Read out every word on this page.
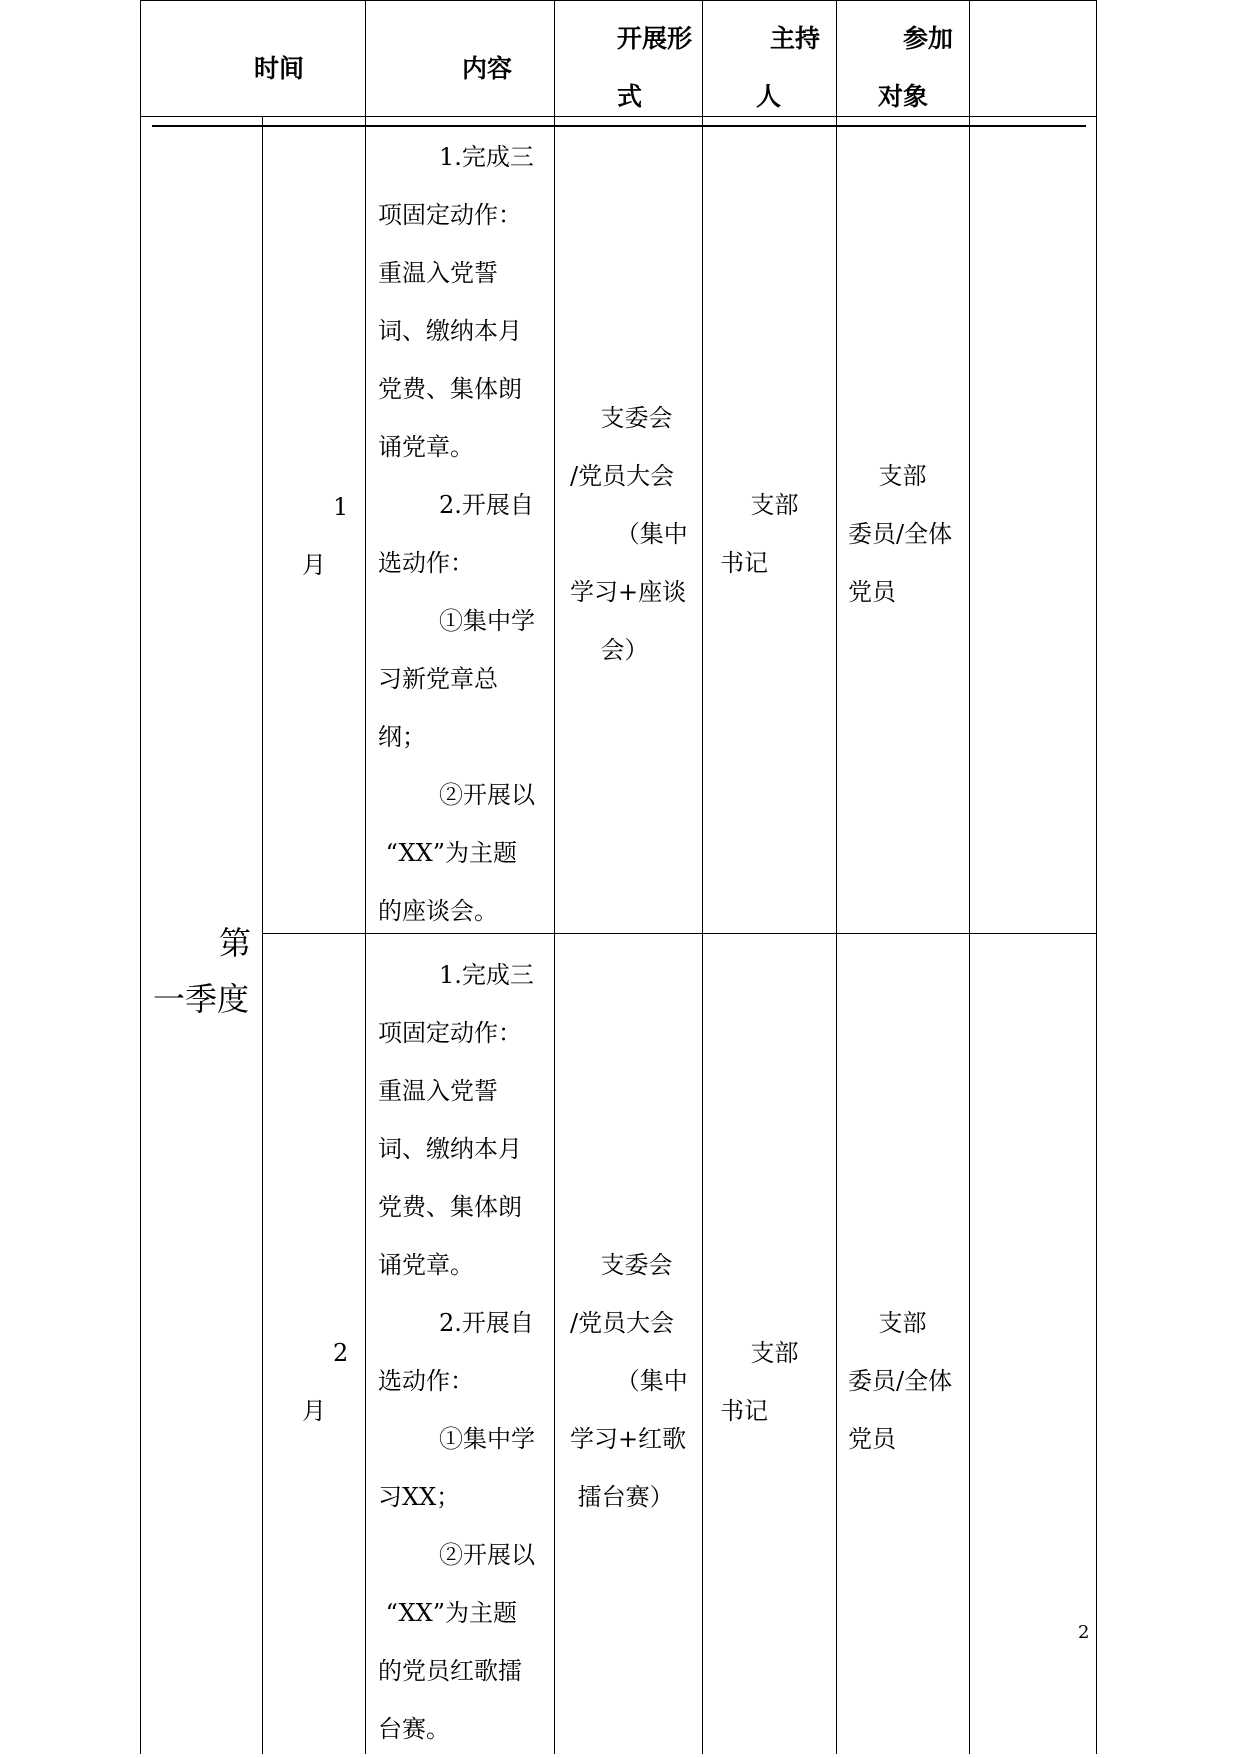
时间	内容
开展形
式
主持
人
参加
对象
第
一季度
1
月
1.完成三
项固定动作：
重温入党誓
词、缴纳本月
党费、集体朗
诵党章。
2.开展自
选动作：
①集中学
习新党章总
纲；
②开展以
“XX”为主题
的座谈会。
支委会
/党员大会
（集中
学习+座谈
会）
支部
书记
支部
委员/全体
党员
2
月
1.完成三
项固定动作：
重温入党誓
词、缴纳本月
党费、集体朗
诵党章。
2.开展自
选动作：
①集中学
习XX；
②开展以
“XX”为主题
的党员红歌擂
台赛。
支委会
/党员大会
（集中
学习+红歌
擂台赛）
支部
书记
支部
委员/全体
党员
2
